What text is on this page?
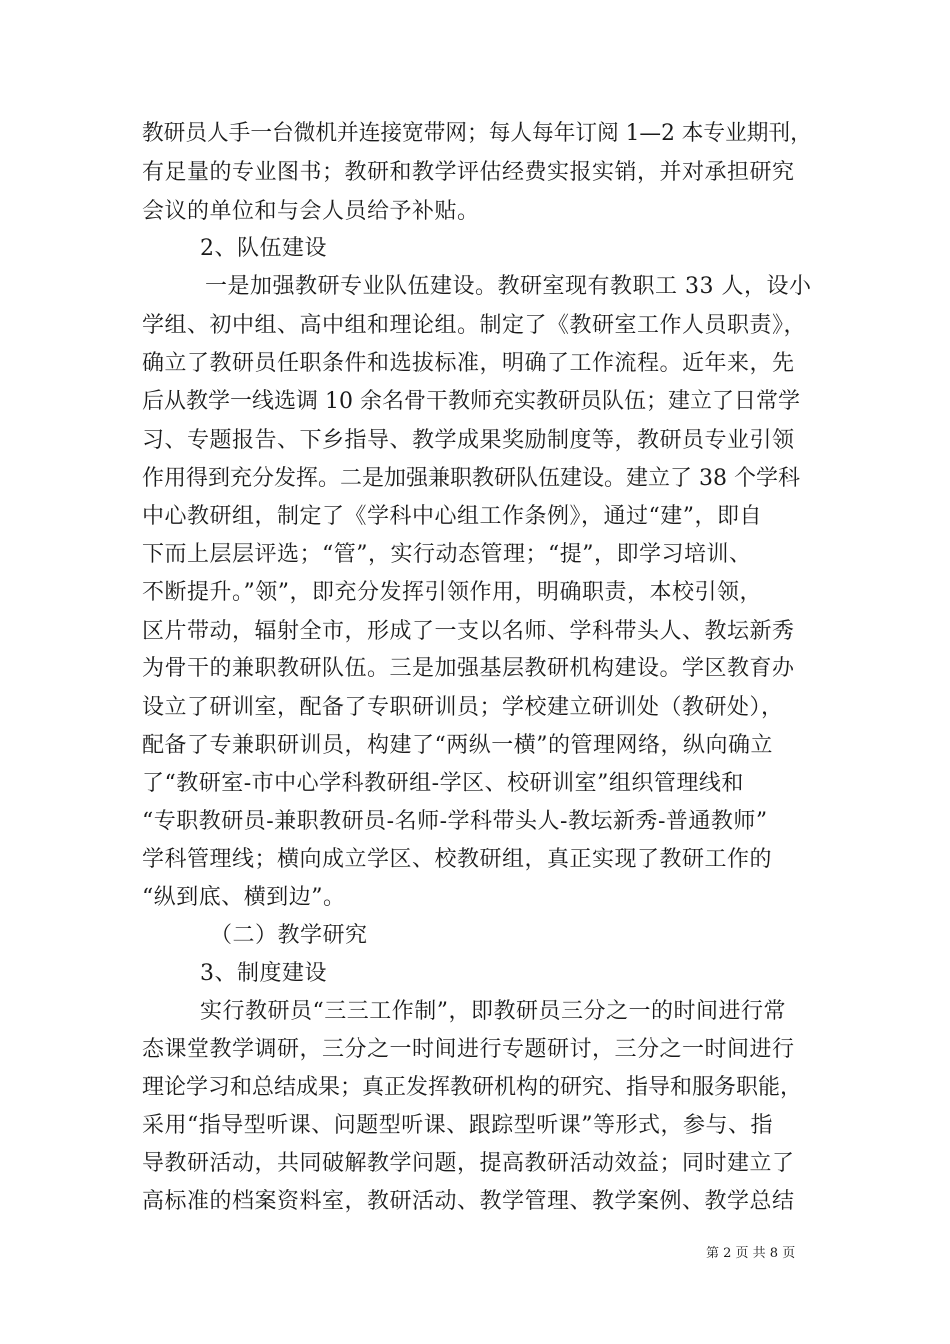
教研员人手一台微机并连接宽带网；每人每年订阅 1—2 本专业期刊，
有足量的专业图书；教研和教学评估经费实报实销，并对承担研究
会议的单位和与会人员给予补贴。
2、队伍建设
一是加强教研专业队伍建设。教研室现有教职工 33 人，设小
学组、初中组、高中组和理论组。制定了《教研室工作人员职责》，
确立了教研员任职条件和选拔标准，明确了工作流程。近年来，先
后从教学一线选调 10 余名骨干教师充实教研员队伍；建立了日常学
习、专题报告、下乡指导、教学成果奖励制度等，教研员专业引领
作用得到充分发挥。二是加强兼职教研队伍建设。建立了 38 个学科
中心教研组，制定了《学科中心组工作条例》，通过“建”，即自
下而上层层评选；“管”，实行动态管理；“提”，即学习培训、
不断提升。”领”，即充分发挥引领作用，明确职责，本校引领，
区片带动，辐射全市，形成了一支以名师、学科带头人、教坛新秀
为骨干的兼职教研队伍。三是加强基层教研机构建设。学区教育办
设立了研训室，配备了专职研训员；学校建立研训处（教研处），
配备了专兼职研训员，构建了“两纵一横”的管理网络，纵向确立
了“教研室-市中心学科教研组-学区、校研训室”组织管理线和
“专职教研员-兼职教研员-名师-学科带头人-教坛新秀-普通教师”
学科管理线；横向成立学区、校教研组，真正实现了教研工作的
“纵到底、横到边”。
（二）教学研究
3、制度建设
实行教研员“三三工作制”，即教研员三分之一的时间进行常
态课堂教学调研，三分之一时间进行专题研讨，三分之一时间进行
理论学习和总结成果；真正发挥教研机构的研究、指导和服务职能，
采用“指导型听课、问题型听课、跟踪型听课”等形式，参与、指
导教研活动，共同破解教学问题，提高教研活动效益；同时建立了
高标准的档案资料室，教研活动、教学管理、教学案例、教学总结
第 2 页 共 8 页
